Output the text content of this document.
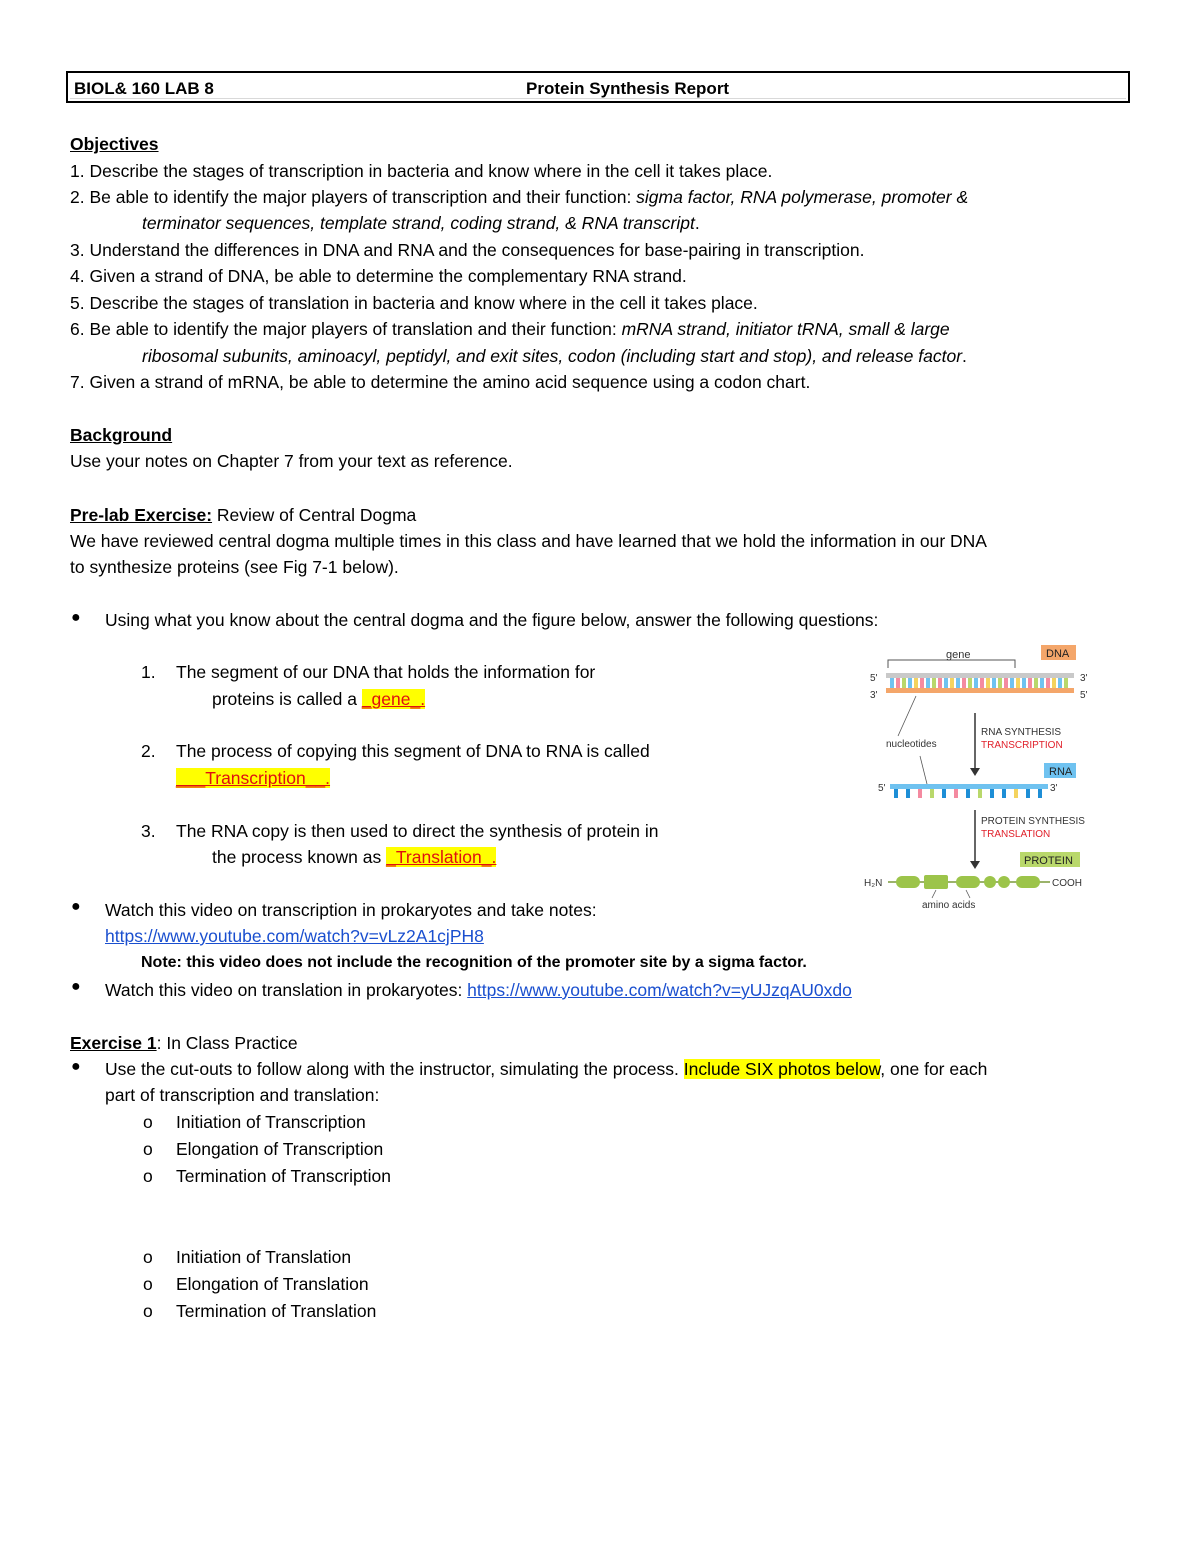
BIOL& 160 LAB 8	Protein Synthesis Report
Objectives
1. Describe the stages of transcription in bacteria and know where in the cell it takes place.
2. Be able to identify the major players of transcription and their function: sigma factor, RNA polymerase, promoter &
terminator sequences, template strand, coding strand, & RNA transcript.
3. Understand the differences in DNA and RNA and the consequences for base-pairing in transcription.
4. Given a strand of DNA, be able to determine the complementary RNA strand.
5. Describe the stages of translation in bacteria and know where in the cell it takes place.
6. Be able to identify the major players of translation and their function: mRNA strand, initiator tRNA, small & large
ribosomal subunits, aminoacyl, peptidyl, and exit sites, codon (including start and stop), and release factor.
7. Given a strand of mRNA, be able to determine the amino acid sequence using a codon chart.
Background
Use your notes on Chapter 7 from your text as reference.
Pre-lab Exercise: Review of Central Dogma
We have reviewed central dogma multiple times in this class and have learned that we hold the information in our DNA
to synthesize proteins (see Fig 7-1 below).
● Using what you know about the central dogma and the figure below, answer the following questions:
1. The segment of our DNA that holds the information for
proteins is called a _gene_.
2. The process of copying this segment of DNA to RNA is called
___Transcription__.
3. The RNA copy is then used to direct the synthesis of protein in
the process known as _Translation_.
gene	DNA
5'	3'
3'	5'
nucleotides
RNA SYNTHESIS
TRANSCRIPTION
RNA
5'	3'
PROTEIN SYNTHESIS
TRANSLATION
PROTEIN
H₂N	COOH
amino acids
● Watch this video on transcription in prokaryotes and take notes:
https://www.youtube.com/watch?v=vLz2A1cjPH8
Note: this video does not include the recognition of the promoter site by a sigma factor.
● Watch this video on translation in prokaryotes: https://www.youtube.com/watch?v=yUJzqAU0xdo
Exercise 1: In Class Practice
● Use the cut-outs to follow along with the instructor, simulating the process. Include SIX photos below, one for each
part of transcription and translation:
o Initiation of Transcription
o Elongation of Transcription
o Termination of Transcription
o Initiation of Translation
o Elongation of Translation
o Termination of Translation
